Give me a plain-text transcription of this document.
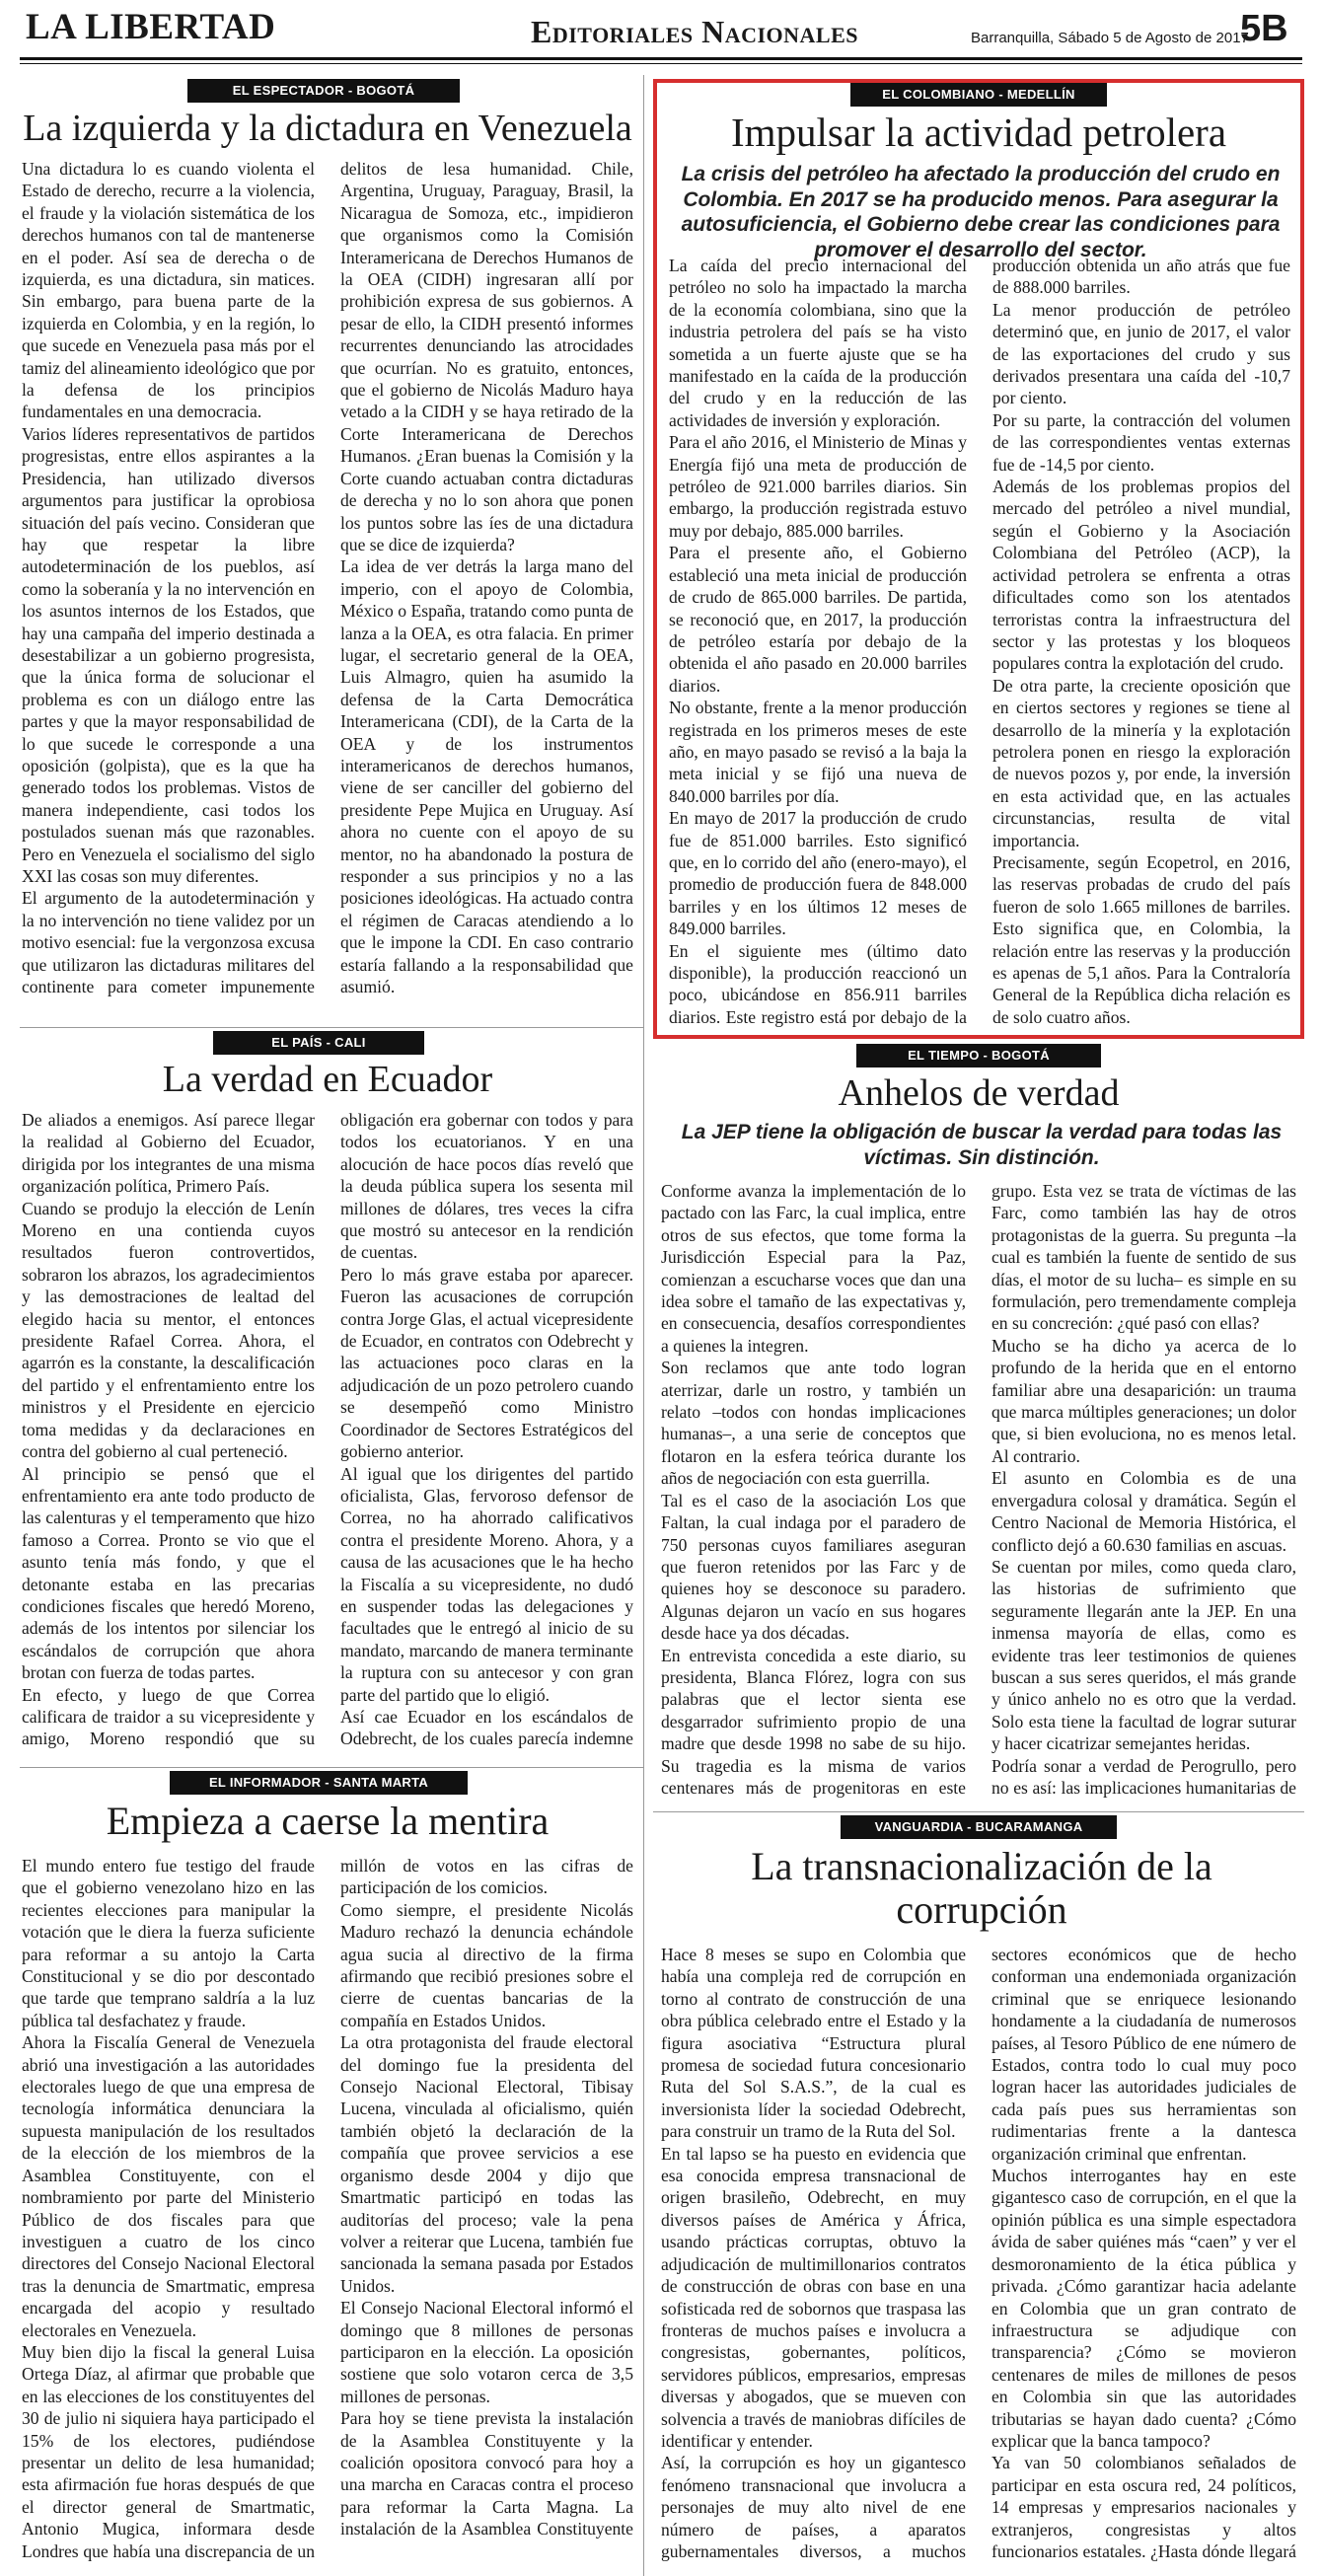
LA LIBERTAD	Editoriales Nacionales	Barranquilla, Sábado 5 de Agosto de 2017
5B
EL ESPECTADOR - BOGOTÁ
La izquierda y la dictadura en Venezuela

Una dictadura lo es cuando violenta el Estado de derecho, recurre a la violencia, el fraude y la violación sistemática de los derechos humanos con tal de mantenerse en el poder. Así sea de derecha o de izquierda, es una dictadura, sin matices. Sin embargo, para buena parte de la izquierda en Colombia, y en la región, lo que sucede en Venezuela pasa más por el tamiz del alineamiento ideológico que por la defensa de los principios fundamentales en una democracia.

Varios líderes representativos de partidos progresistas, entre ellos aspirantes a la Presidencia, han utilizado diversos argumentos para justificar la oprobiosa situación del país vecino. Consideran que hay que respetar la libre autodeterminación de los pueblos, así como la soberanía y la no intervención en los asuntos internos de los Estados, que hay una campaña del imperio destinada a desestabilizar a un gobierno progresista, que la única forma de solucionar el problema es con un diálogo entre las partes y que la mayor responsabilidad de lo que sucede le corresponde a una oposición (golpista), que es la que ha generado todos los problemas. Vistos de manera independiente, casi todos los postulados suenan más que razonables. Pero en Venezuela el socialismo del siglo XXI las cosas son muy diferentes.

El argumento de la autodeterminación y la no intervención no tiene validez por un motivo esencial: fue la vergonzosa excusa que utilizaron las dictaduras militares del continente para cometer impunemente delitos de lesa humanidad. Chile, Argentina, Uruguay, Paraguay, Brasil, la Nicaragua de Somoza, etc., impidieron que organismos como la Comisión Interamericana de Derechos Humanos de la OEA (CIDH) ingresaran allí por prohibición expresa de sus gobiernos. A pesar de ello, la CIDH presentó informes recurrentes denunciando las atrocidades que ocurrían. No es gratuito, entonces, que el gobierno de Nicolás Maduro haya vetado a la CIDH y se haya retirado de la Corte Interamericana de Derechos Humanos. ¿Eran buenas la Comisión y la Corte cuando actuaban contra dictaduras de derecha y no lo son ahora que ponen los puntos sobre las íes de una dictadura que se dice de izquierda?

La idea de ver detrás la larga mano del imperio, con el apoyo de Colombia, México o España, tratando como punta de lanza a la OEA, es otra falacia. En primer lugar, el secretario general de la OEA, Luis Almagro, quien ha asumido la defensa de la Carta Democrática Interamericana (CDI), de la Carta de la OEA y de los instrumentos interamericanos de derechos humanos, viene de ser canciller del gobierno del presidente Pepe Mujica en Uruguay. Así ahora no cuente con el apoyo de su mentor, no ha abandonado la postura de responder a sus principios y no a las posiciones ideológicas. Ha actuado contra el régimen de Caracas atendiendo a lo que le impone la CDI. En caso contrario estaría fallando a la responsabilidad que asumió.

EL COLOMBIANO - MEDELLÍN
Impulsar la actividad petrolera
La crisis del petróleo ha afectado la producción del crudo en Colombia. En 2017 se ha producido menos. Para asegurar la autosuficiencia, el Gobierno debe crear las condiciones para promover el desarrollo del sector.

La caída del precio internacional del petróleo no solo ha impactado la marcha de la economía colombiana, sino que la industria petrolera del país se ha visto sometida a un fuerte ajuste que se ha manifestado en la caída de la producción del crudo y en la reducción de las actividades de inversión y exploración.

Para el año 2016, el Ministerio de Minas y Energía fijó una meta de producción de petróleo de 921.000 barriles diarios. Sin embargo, la producción registrada estuvo muy por debajo, 885.000 barriles.

Para el presente año, el Gobierno estableció una meta inicial de producción de crudo de 865.000 barriles. De partida, se reconoció que, en 2017, la producción de petróleo estaría por debajo de la obtenida el año pasado en 20.000 barriles diarios.

No obstante, frente a la menor producción registrada en los primeros meses de este año, en mayo pasado se revisó a la baja la meta inicial y se fijó una nueva de 840.000 barriles por día.

En mayo de 2017 la producción de crudo fue de 851.000 barriles. Esto significó que, en lo corrido del año (enero-mayo), el promedio de producción fuera de 848.000 barriles y en los últimos 12 meses de 849.000 barriles.

En el siguiente mes (último dato disponible), la producción reaccionó un poco, ubicándose en 856.911 barriles diarios. Este registro está por debajo de la producción obtenida un año atrás que fue de 888.000 barriles.

La menor producción de petróleo determinó que, en junio de 2017, el valor de las exportaciones del crudo y sus derivados presentara una caída del -10,7 por ciento.

Por su parte, la contracción del volumen de las correspondientes ventas externas fue de -14,5 por ciento.

Además de los problemas propios del mercado del petróleo a nivel mundial, según el Gobierno y la Asociación Colombiana del Petróleo (ACP), la actividad petrolera se enfrenta a otras dificultades como son los atentados terroristas contra la infraestructura del sector y las protestas y los bloqueos populares contra la explotación del crudo.

De otra parte, la creciente oposición que en ciertos sectores y regiones se tiene al desarrollo de la minería y la explotación petrolera ponen en riesgo la exploración de nuevos pozos y, por ende, la inversión en esta actividad que, en las actuales circunstancias, resulta de vital importancia.

Precisamente, según Ecopetrol, en 2016, las reservas probadas de crudo del país fueron de solo 1.665 millones de barriles. Esto significa que, en Colombia, la relación entre las reservas y la producción es apenas de 5,1 años. Para la Contraloría General de la República dicha relación es de solo cuatro años.

EL PAÍS - CALI
La verdad en Ecuador

De aliados a enemigos. Así parece llegar la realidad al Gobierno del Ecuador, dirigida por los integrantes de una misma organización política, Primero País.

Cuando se produjo la elección de Lenín Moreno en una contienda cuyos resultados fueron controvertidos, sobraron los abrazos, los agradecimientos y las demostraciones de lealtad del elegido hacia su mentor, el entonces presidente Rafael Correa. Ahora, el agarrón es la constante, la descalificación del partido y el enfrentamiento entre los ministros y el Presidente en ejercicio toma medidas y da declaraciones en contra del gobierno al cual perteneció.

Al principio se pensó que el enfrentamiento era ante todo producto de las calenturas y el temperamento que hizo famoso a Correa. Pronto se vio que el asunto tenía más fondo, y que el detonante estaba en las precarias condiciones fiscales que heredó Moreno, además de los intentos por silenciar los escándalos de corrupción que ahora brotan con fuerza de todas partes.

En efecto, y luego de que Correa calificara de traidor a su vicepresidente y amigo, Moreno respondió que su obligación era gobernar con todos y para todos los ecuatorianos. Y en una alocución de hace pocos días reveló que la deuda pública supera los sesenta mil millones de dólares, tres veces la cifra que mostró su antecesor en la rendición de cuentas.

Pero lo más grave estaba por aparecer. Fueron las acusaciones de corrupción contra Jorge Glas, el actual vicepresidente de Ecuador, en contratos con Odebrecht y las actuaciones poco claras en la adjudicación de un pozo petrolero cuando se desempeñó como Ministro Coordinador de Sectores Estratégicos del gobierno anterior.

Al igual que los dirigentes del partido oficialista, Glas, fervoroso defensor de Correa, no ha ahorrado calificativos contra el presidente Moreno. Ahora, y a causa de las acusaciones que le ha hecho la Fiscalía a su vicepresidente, no dudó en suspender todas las delegaciones y facultades que le entregó al inicio de su mandato, marcando de manera terminante la ruptura con su antecesor y con gran parte del partido que lo eligió.

Así cae Ecuador en los escándalos de Odebrecht, de los cuales parecía indemne

EL TIEMPO - BOGOTÁ
Anhelos de verdad
La JEP tiene la obligación de buscar la verdad para todas las víctimas. Sin distinción.

Conforme avanza la implementación de lo pactado con las Farc, la cual implica, entre otros de sus efectos, que tome forma la Jurisdicción Especial para la Paz, comienzan a escucharse voces que dan una idea sobre el tamaño de las expectativas y, en consecuencia, desafíos correspondientes a quienes la integren.

Son reclamos que ante todo logran aterrizar, darle un rostro, y también un relato –todos con hondas implicaciones humanas–, a una serie de conceptos que flotaron en la esfera teórica durante los años de negociación con esta guerrilla.

Tal es el caso de la asociación Los que Faltan, la cual indaga por el paradero de 750 personas cuyos familiares aseguran que fueron retenidos por las Farc y de quienes hoy se desconoce su paradero. Algunas dejaron un vacío en sus hogares desde hace ya dos décadas.

En entrevista concedida a este diario, su presidenta, Blanca Flórez, logra con sus palabras que el lector sienta ese desgarrador sufrimiento propio de una madre que desde 1998 no sabe de su hijo. Su tragedia es la misma de varios centenares más de progenitoras en este grupo. Esta vez se trata de víctimas de las Farc, como también las hay de otros protagonistas de la guerra. Su pregunta –la cual es también la fuente de sentido de sus días, el motor de su lucha– es simple en su formulación, pero tremendamente compleja en su concreción: ¿qué pasó con ellas?

Mucho se ha dicho ya acerca de lo profundo de la herida que en el entorno familiar abre una desaparición: un trauma que marca múltiples generaciones; un dolor que, si bien evoluciona, no es menos letal. Al contrario.

El asunto en Colombia es de una envergadura colosal y dramática. Según el Centro Nacional de Memoria Histórica, el conflicto dejó a 60.630 familias en ascuas.

Se cuentan por miles, como queda claro, las historias de sufrimiento que seguramente llegarán ante la JEP. En una inmensa mayoría de ellas, como es evidente tras leer testimonios de quienes buscan a sus seres queridos, el más grande y único anhelo no es otro que la verdad. Solo esta tiene la facultad de lograr suturar y hacer cicatrizar semejantes heridas.

Podría sonar a verdad de Perogrullo, pero no es así: las implicaciones humanitarias de

EL INFORMADOR - SANTA MARTA
Empieza a caerse la mentira

El mundo entero fue testigo del fraude que el gobierno venezolano hizo en las recientes elecciones para manipular la votación que le diera la fuerza suficiente para reformar a su antojo la Carta Constitucional y se dio por descontado que tarde que temprano saldría a la luz pública tal desfachatez y fraude.

Ahora la Fiscalía General de Venezuela abrió una investigación a las autoridades electorales luego de que una empresa de tecnología informática denunciara la supuesta manipulación de los resultados de la elección de los miembros de la Asamblea Constituyente, con el nombramiento por parte del Ministerio Público de dos fiscales para que investiguen a cuatro de los cinco directores del Consejo Nacional Electoral tras la denuncia de Smartmatic, empresa encargada del acopio y resultado electorales en Venezuela.

Muy bien dijo la fiscal la general Luisa Ortega Díaz, al afirmar que probable que en las elecciones de los constituyentes del 30 de julio ni siquiera haya participado el 15% de los electores, pudiéndose presentar un delito de lesa humanidad; esta afirmación fue horas después de que el director general de Smartmatic, Antonio Mugica, informara desde Londres que había una discrepancia de un millón de votos en las cifras de participación de los comicios.

Como siempre, el presidente Nicolás Maduro rechazó la denuncia echándole agua sucia al directivo de la firma afirmando que recibió presiones sobre el cierre de cuentas bancarias de la compañía en Estados Unidos.

La otra protagonista del fraude electoral del domingo fue la presidenta del Consejo Nacional Electoral, Tibisay Lucena, vinculada al oficialismo, quién también objetó la declaración de la compañía que provee servicios a ese organismo desde 2004 y dijo que Smartmatic participó en todas las auditorías del proceso; vale la pena volver a reiterar que Lucena, también fue sancionada la semana pasada por Estados Unidos.

El Consejo Nacional Electoral informó el domingo que 8 millones de personas participaron en la elección. La oposición sostiene que solo votaron cerca de 3,5 millones de personas.

Para hoy se tiene prevista la instalación de la Asamblea Constituyente y la coalición opositora convocó para hoy a una marcha en Caracas contra el proceso para reformar la Carta Magna. La instalación de la Asamblea Constituyente

VANGUARDIA - BUCARAMANGA
La transnacionalización de la corrupción

Hace 8 meses se supo en Colombia que había una compleja red de corrupción en torno al contrato de construcción de una obra pública celebrado entre el Estado y la figura asociativa “Estructura plural promesa de sociedad futura concesionario Ruta del Sol S.A.S.”, de la cual es inversionista líder la sociedad Odebrecht, para construir un tramo de la Ruta del Sol.

En tal lapso se ha puesto en evidencia que esa conocida empresa transnacional de origen brasileño, Odebrecht, en muy diversos países de América y África, usando prácticas corruptas, obtuvo la adjudicación de multimillonarios contratos de construcción de obras con base en una sofisticada red de sobornos que traspasa las fronteras de muchos países e involucra a congresistas, gobernantes, políticos, servidores públicos, empresarios, empresas diversas y abogados, que se mueven con solvencia a través de maniobras difíciles de identificar y entender.

Así, la corrupción es hoy un gigantesco fenómeno transnacional que involucra a personajes de muy alto nivel de ene número de países, a aparatos gubernamentales diversos, a muchos sectores económicos que de hecho conforman una endemoniada organización criminal que se enriquece lesionando hondamente a la ciudadanía de numerosos países, al Tesoro Público de ene número de Estados, contra todo lo cual muy poco logran hacer las autoridades judiciales de cada país pues sus herramientas son rudimentarias frente a la dantesca organización criminal que enfrentan.

Muchos interrogantes hay en este gigantesco caso de corrupción, en el que la opinión pública es una simple espectadora ávida de saber quiénes más “caen” y ver el desmoronamiento de la ética pública y privada. ¿Cómo garantizar hacia adelante en Colombia que un gran contrato de infraestructura se adjudique con transparencia? ¿Cómo se movieron centenares de miles de millones de pesos en Colombia sin que las autoridades tributarias se hayan dado cuenta? ¿Cómo explicar que la banca tampoco?

Ya van 50 colombianos señalados de participar en esta oscura red, 24 políticos, 14 empresas y empresarios nacionales y extranjeros, congresistas y altos funcionarios estatales. ¿Hasta dónde llegará
